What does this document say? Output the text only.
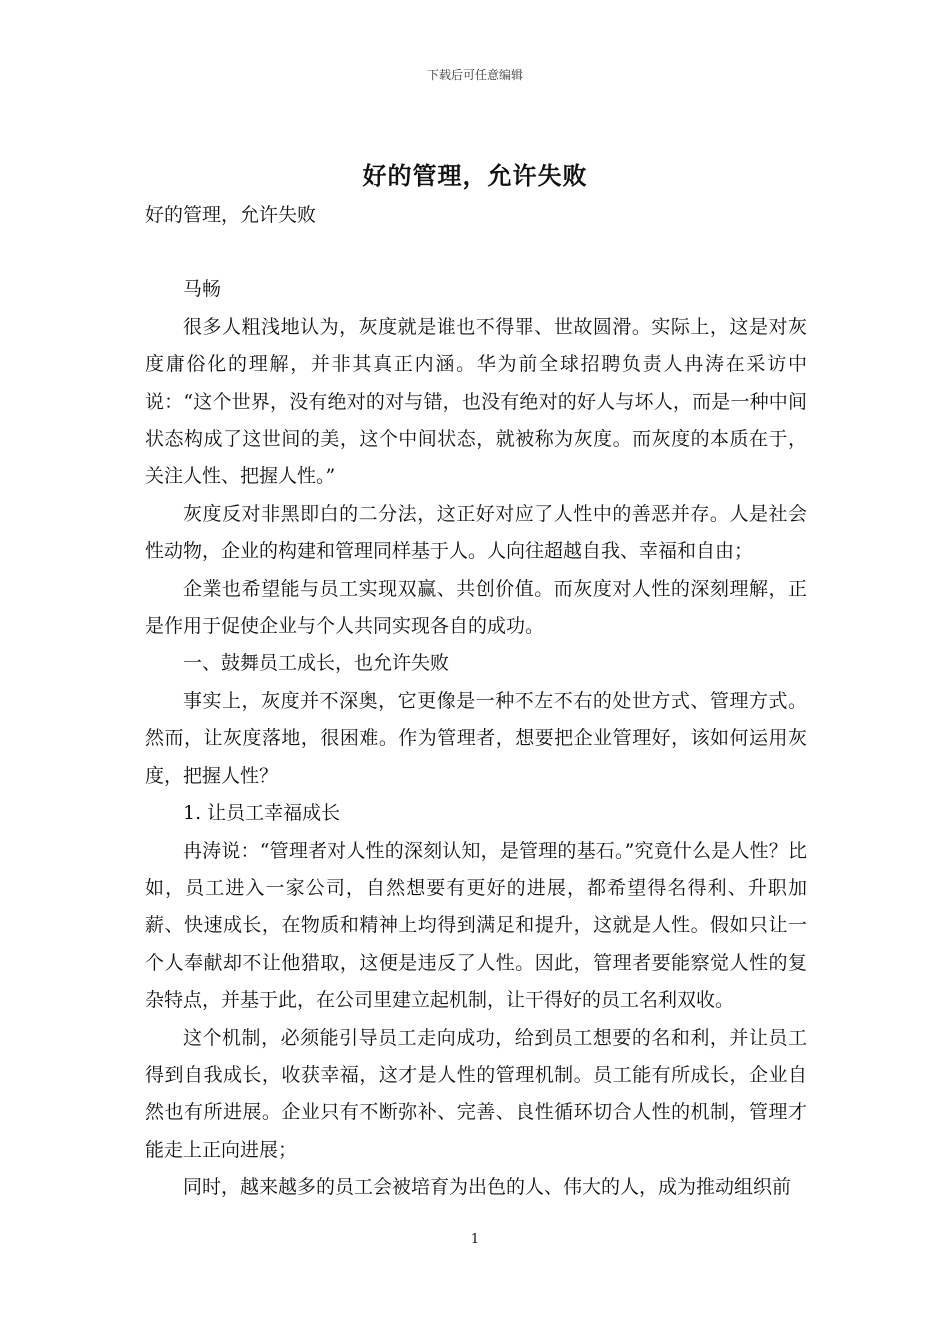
下载后可任意编辑
好的管理，允许失败

好的管理，允许失败

马畅

很多人粗浅地认为，灰度就是谁也不得罪、世故圆滑。实际上，这是对灰度庸俗化的理解，并非其真正内涵。华为前全球招聘负责人冉涛在采访中说：“这个世界，没有绝对的对与错，也没有绝对的好人与坏人，而是一种中间状态构成了这世间的美，这个中间状态，就被称为灰度。而灰度的本质在于，关注人性、把握人性。”

灰度反对非黑即白的二分法，这正好对应了人性中的善恶并存。人是社会性动物，企业的构建和管理同样基于人。人向往超越自我、幸福和自由；

企業也希望能与员工实现双赢、共创价值。而灰度对人性的深刻理解，正是作用于促使企业与个人共同实现各自的成功。

一、鼓舞员工成长，也允许失败

事实上，灰度并不深奥，它更像是一种不左不右的处世方式、管理方式。然而，让灰度落地，很困难。作为管理者，想要把企业管理好，该如何运用灰度，把握人性？

1. 让员工幸福成长

冉涛说：“管理者对人性的深刻认知，是管理的基石。”究竟什么是人性？比如，员工进入一家公司，自然想要有更好的进展，都希望得名得利、升职加薪、快速成长，在物质和精神上均得到满足和提升，这就是人性。假如只让一个人奉献却不让他猎取，这便是违反了人性。因此，管理者要能察觉人性的复杂特点，并基于此，在公司里建立起机制，让干得好的员工名利双收。

这个机制，必须能引导员工走向成功，给到员工想要的名和利，并让员工得到自我成长，收获幸福，这才是人性的管理机制。员工能有所成长，企业自然也有所进展。企业只有不断弥补、完善、良性循环切合人性的机制，管理才能走上正向进展；

同时，越来越多的员工会被培育为出色的人、伟大的人，成为推动组织前

1
